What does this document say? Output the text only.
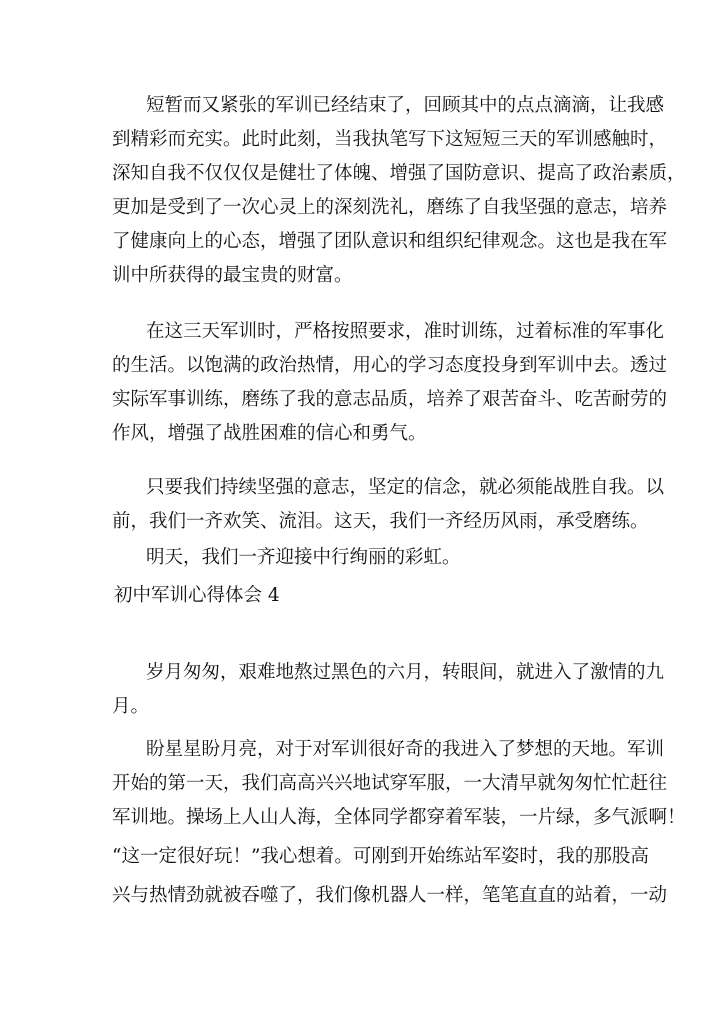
短暂而又紧张的军训已经结束了，回顾其中的点点滴滴，让我感
到精彩而充实。此时此刻，当我执笔写下这短短三天的军训感触时，
深知自我不仅仅仅是健壮了体魄、增强了国防意识、提高了政治素质，
更加是受到了一次心灵上的深刻洗礼，磨练了自我坚强的意志，培养
了健康向上的心态，增强了团队意识和组织纪律观念。这也是我在军
训中所获得的最宝贵的财富。
在这三天军训时，严格按照要求，准时训练，过着标准的军事化
的生活。以饱满的政治热情，用心的学习态度投身到军训中去。透过
实际军事训练，磨练了我的意志品质，培养了艰苦奋斗、吃苦耐劳的
作风，增强了战胜困难的信心和勇气。
只要我们持续坚强的意志，坚定的信念，就必须能战胜自我。以
前，我们一齐欢笑、流泪。这天，我们一齐经历风雨，承受磨练。
明天，我们一齐迎接中行绚丽的彩虹。
初中军训心得体会 4
岁月匆匆，艰难地熬过黑色的六月，转眼间，就进入了激情的九
月。
盼星星盼月亮，对于对军训很好奇的我进入了梦想的天地。军训
开始的第一天，我们高高兴兴地试穿军服，一大清早就匆匆忙忙赶往
军训地。操场上人山人海，全体同学都穿着军装，一片绿，多气派啊！
“这一定很好玩！”我心想着。可刚到开始练站军姿时，我的那股高
兴与热情劲就被吞噬了，我们像机器人一样，笔笔直直的站着，一动
